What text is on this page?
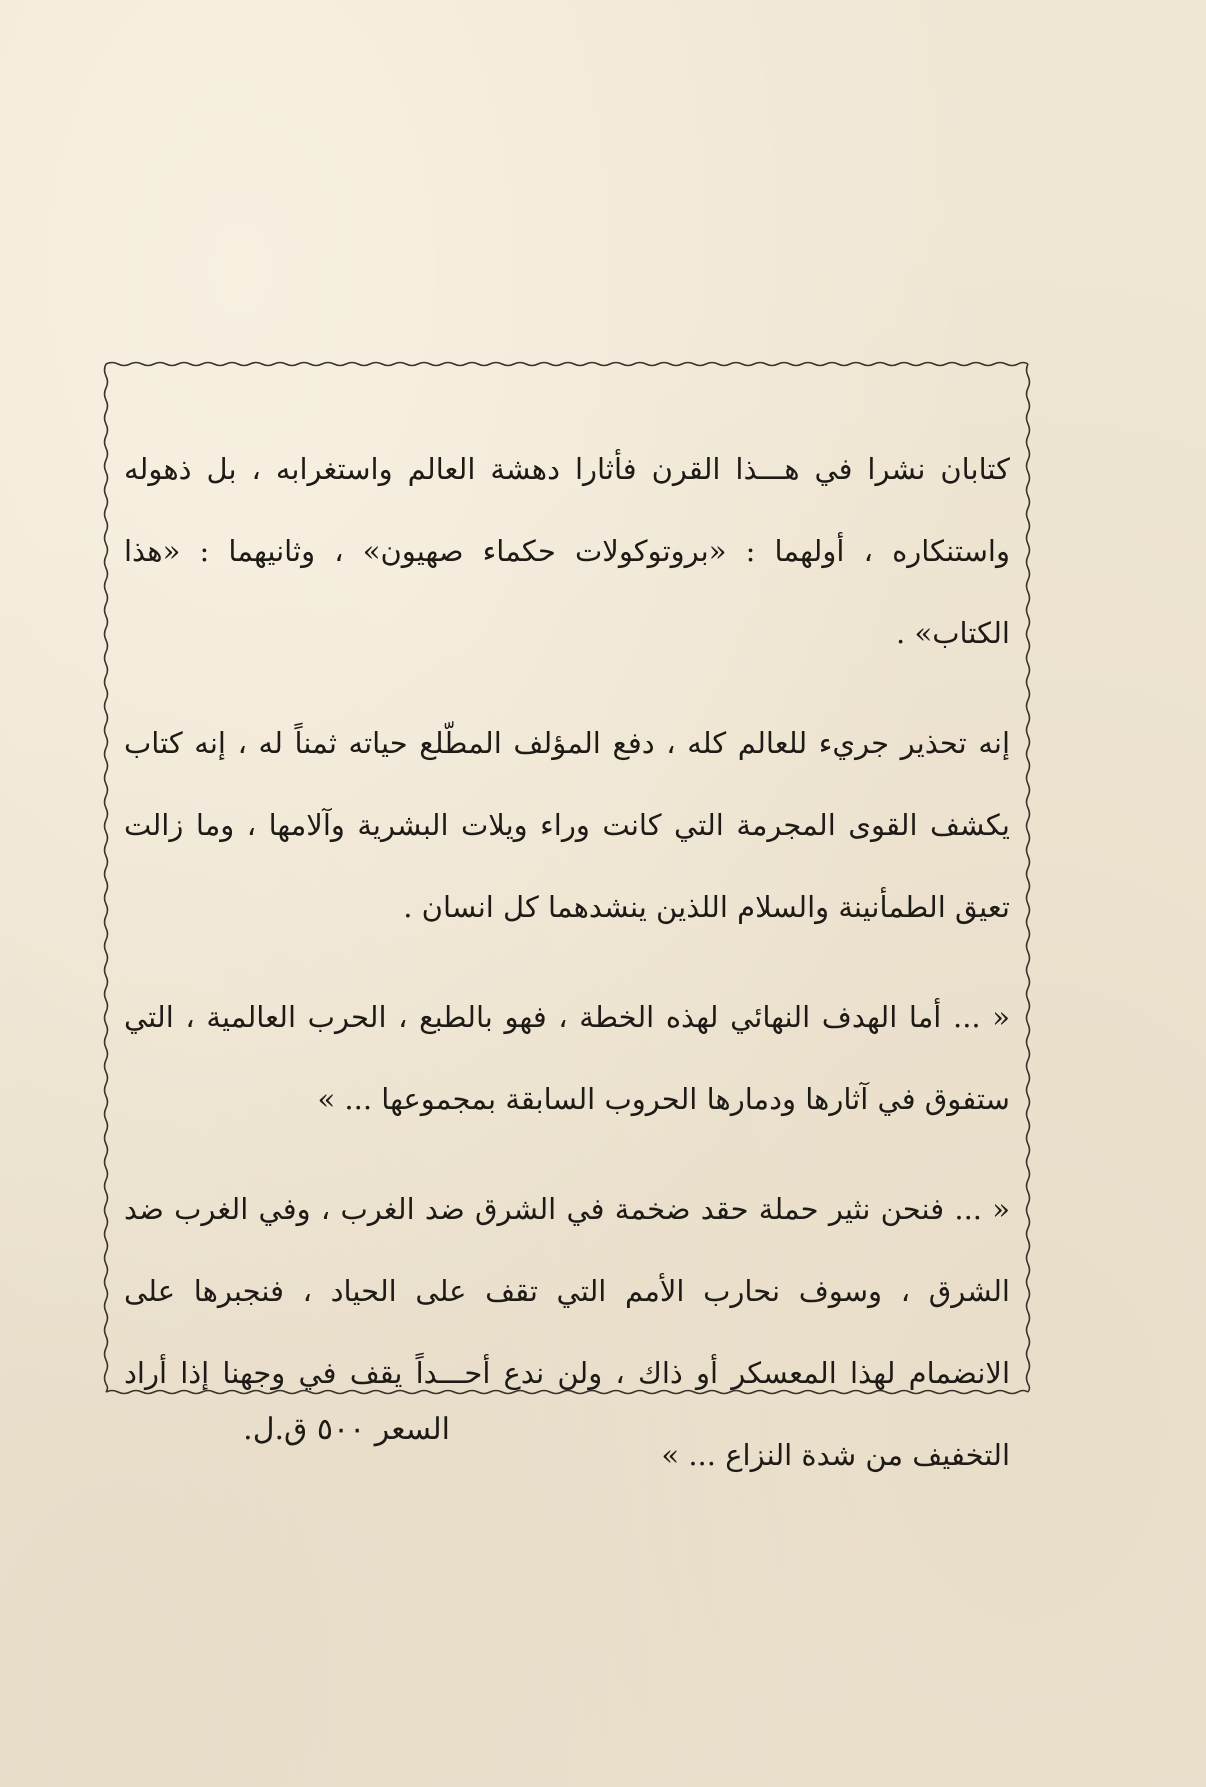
كتابان نشرا في هـــذا القرن فأثارا دهشة العالم واستغرابه ، بل ذهوله واستنكاره ، أولهما : «بروتوكولات حكماء صهيون» ، وثانيهما : «هذا الكتاب» .

إنه تحذير جريء للعالم كله ، دفع المؤلف المطّلع حياته ثمناً له ، إنه كتاب يكشف القوى المجرمة التي كانت وراء ويلات البشرية وآلامها ، وما زالت تعيق الطمأنينة والسلام اللذين ينشدهما كل انسان .

« ... أما الهدف النهائي لهذه الخطة ، فهو بالطبع ، الحرب العالمية ، التي ستفوق في آثارها ودمارها الحروب السابقة بمجموعها ... »

« ... فنحن نثير حملة حقد ضخمة في الشرق ضد الغرب ، وفي الغرب ضد الشرق ، وسوف نحارب الأمم التي تقف على الحياد ، فنجبرها على الانضمام لهذا المعسكر أو ذاك ، ولن ندع أحـــداً يقف في وجهنا إذا أراد التخفيف من شدة النزاع ... »

السعر ٥٠٠ ق.ل.
